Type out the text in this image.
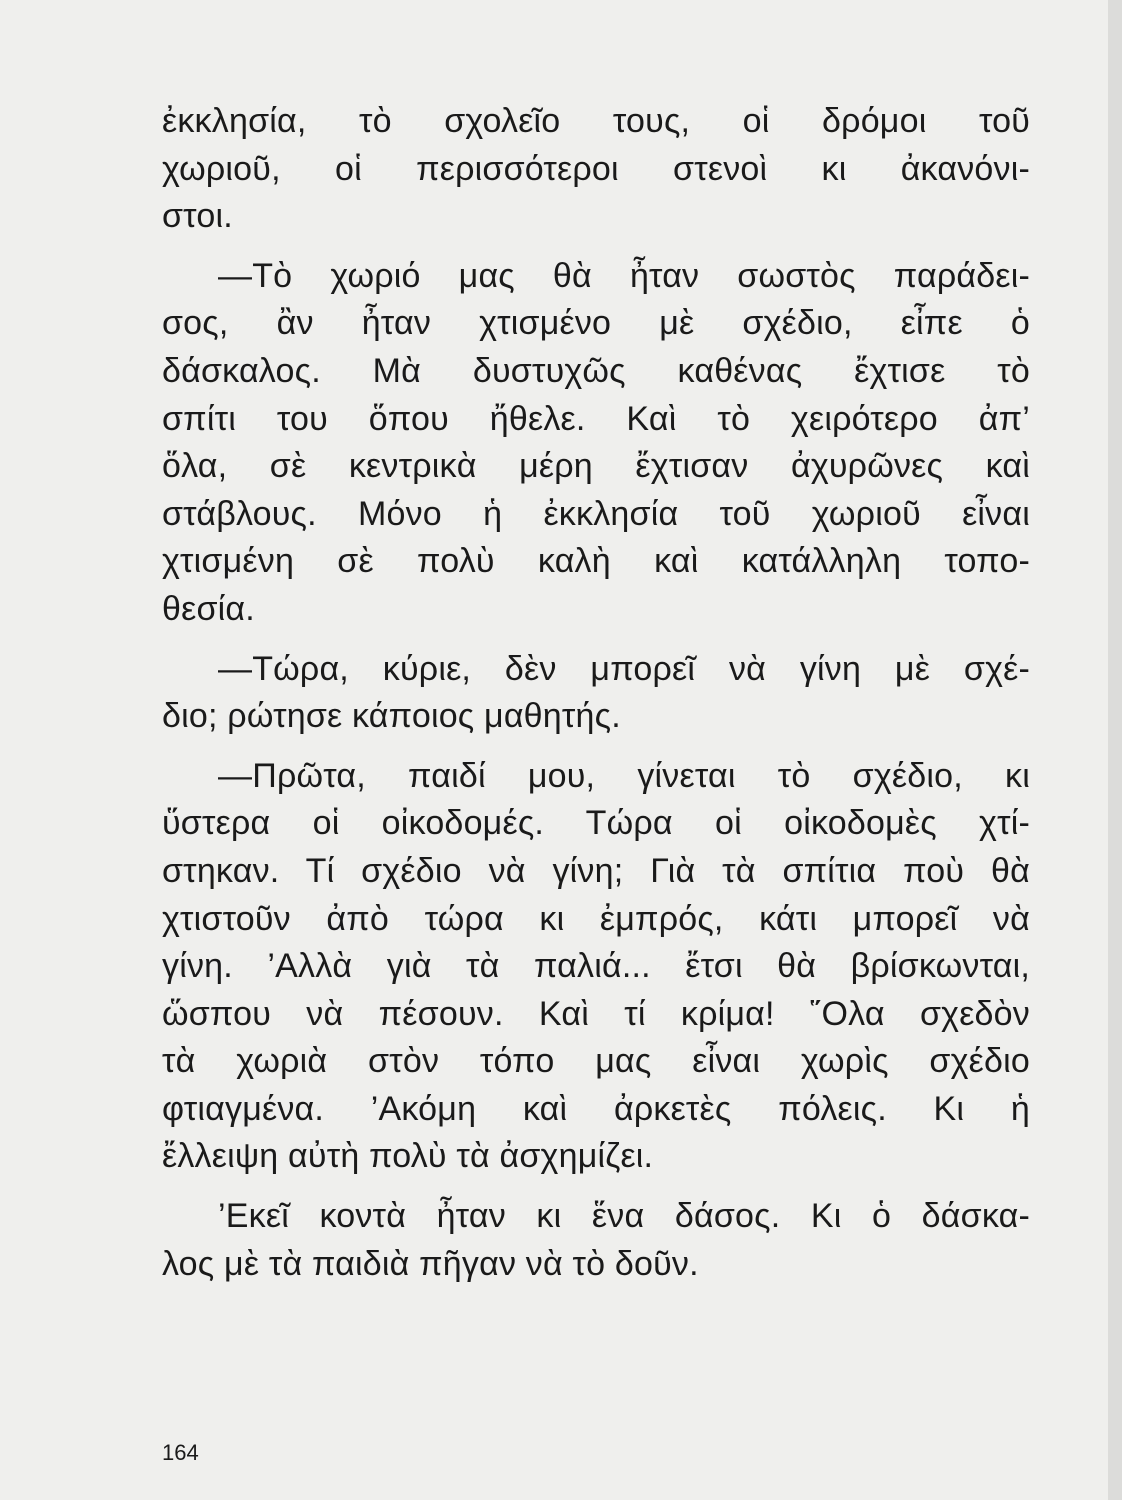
ἐκκλησία, τὸ σχολεῖο τους, οἱ δρόμοι τοῦ
χωριοῦ, οἱ περισσότεροι στενοὶ κι ἀκανόνι-
στοι.
—Τὸ χωριό μας θὰ ἦταν σωστὸς παράδει-
σος, ἂν ἦταν χτισμένο μὲ σχέδιο, εἶπε ὁ
δάσκαλος. Μὰ δυστυχῶς καθένας ἔχτισε τὸ
σπίτι του ὅπου ἤθελε. Καὶ τὸ χειρότερο ἀπ’
ὅλα, σὲ κεντρικὰ μέρη ἔχτισαν ἀχυρῶνες καὶ
στάβλους. Μόνο ἡ ἐκκλησία τοῦ χωριοῦ εἶναι
χτισμένη σὲ πολὺ καλὴ καὶ κατάλληλη τοπο-
θεσία.
—Τώρα, κύριε, δὲν μπορεῖ νὰ γίνη μὲ σχέ-
διο; ρώτησε κάποιος μαθητής.
—Πρῶτα, παιδί μου, γίνεται τὸ σχέδιο, κι
ὕστερα οἱ οἰκοδομές. Τώρα οἱ οἰκοδομὲς χτί-
στηκαν. Τί σχέδιο νὰ γίνη; Γιὰ τὰ σπίτια ποὺ θὰ
χτιστοῦν ἀπὸ τώρα κι ἐμπρός, κάτι μπορεῖ νὰ
γίνη. ’Αλλὰ γιὰ τὰ παλιά... ἔτσι θὰ βρίσκωνται,
ὥσπου νὰ πέσουν. Καὶ τί κρίμα! ῞Ολα σχεδὸν
τὰ χωριὰ στὸν τόπο μας εἶναι χωρὶς σχέδιο
φτιαγμένα. ’Ακόμη καὶ ἀρκετὲς πόλεις. Κι ἡ
ἔλλειψη αὐτὴ πολὺ τὰ ἀσχημίζει.
’Εκεῖ κοντὰ ἦταν κι ἕνα δάσος. Κι ὁ δάσκα-
λος μὲ τὰ παιδιὰ πῆγαν νὰ τὸ δοῦν.
164
